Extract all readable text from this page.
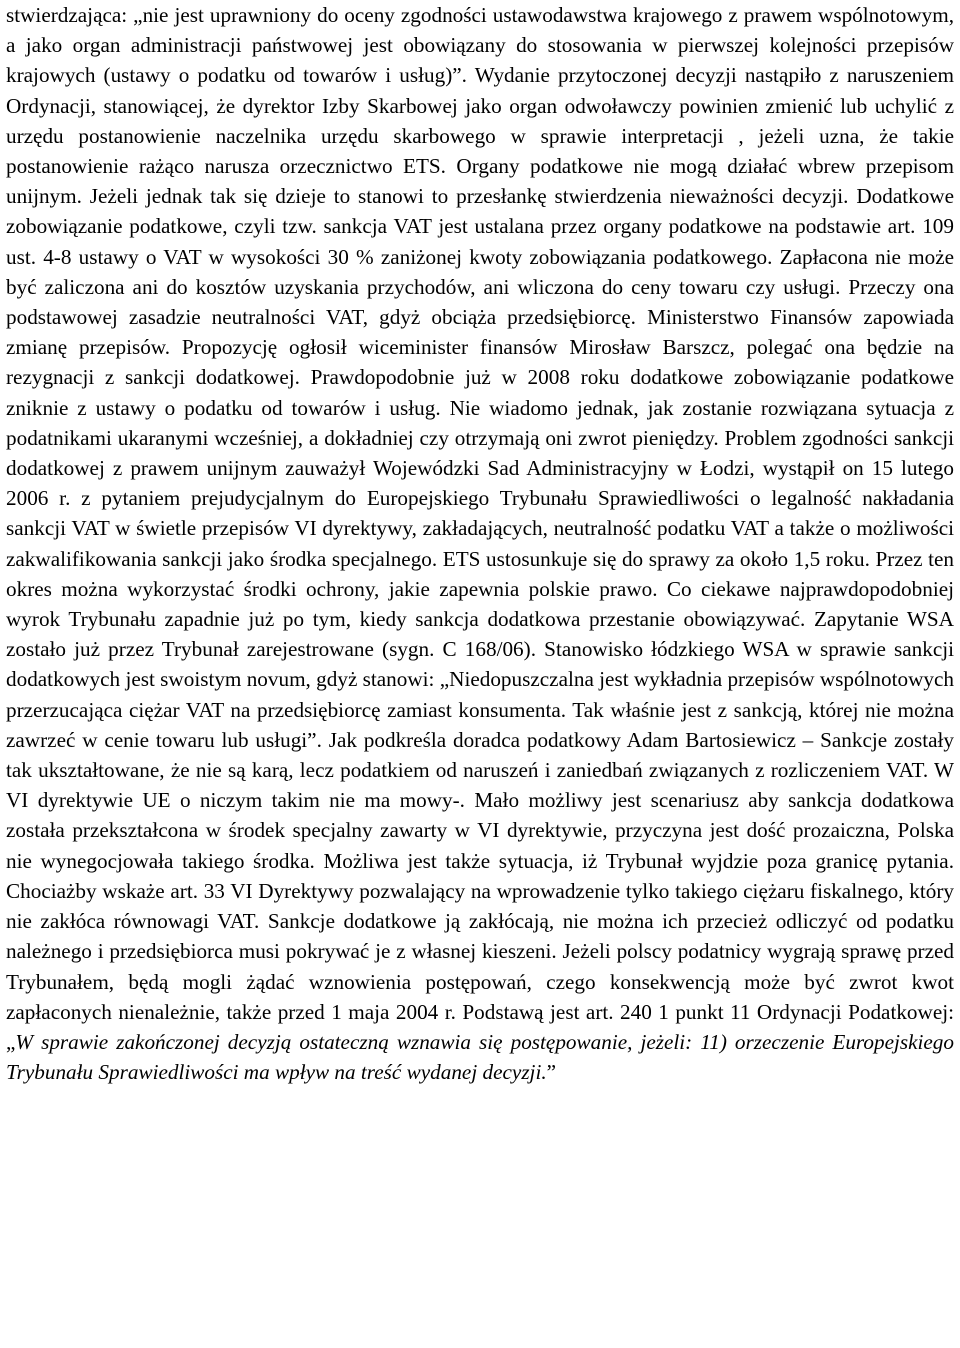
stwierdzająca: „nie jest uprawniony do oceny zgodności ustawodawstwa krajowego z prawem wspólnotowym, a jako organ administracji państwowej jest obowiązany do stosowania w pierwszej kolejności przepisów krajowych (ustawy o podatku od towarów i usług)”. Wydanie przytoczonej decyzji nastąpiło z naruszeniem Ordynacji, stanowiącej, że dyrektor Izby Skarbowej jako organ odwoławczy powinien zmienić lub uchylić z urzędu postanowienie naczelnika urzędu skarbowego w sprawie interpretacji , jeżeli uzna, że takie postanowienie rażąco narusza orzecznictwo ETS. Organy podatkowe nie mogą działać wbrew przepisom unijnym. Jeżeli jednak tak się dzieje to stanowi to przesłankę stwierdzenia nieważności decyzji. Dodatkowe zobowiązanie podatkowe, czyli tzw. sankcja VAT jest ustalana przez organy podatkowe na podstawie art. 109 ust. 4-8 ustawy o VAT w wysokości 30 % zaniżonej kwoty zobowiązania podatkowego. Zapłacona nie może być zaliczona ani do kosztów uzyskania przychodów, ani wliczona do ceny towaru czy usługi. Przeczy ona podstawowej zasadzie neutralności VAT, gdyż obciąża przedsiębiorcę. Ministerstwo Finansów zapowiada zmianę przepisów. Propozycję ogłosił wiceminister finansów Mirosław Barszcz, polegać ona będzie na rezygnacji z sankcji dodatkowej. Prawdopodobnie już w 2008 roku dodatkowe zobowiązanie podatkowe zniknie z ustawy o podatku od towarów i usług. Nie wiadomo jednak, jak zostanie rozwiązana sytuacja z podatnikami ukaranymi wcześniej, a dokładniej czy otrzymają oni zwrot pieniędzy. Problem zgodności sankcji dodatkowej z prawem unijnym zauważył Wojewódzki Sad Administracyjny w Łodzi, wystąpił on 15 lutego 2006 r. z pytaniem prejudycjalnym do Europejskiego Trybunału Sprawiedliwości o legalność nakładania sankcji VAT w świetle przepisów VI dyrektywy, zakładających, neutralność podatku VAT a także o możliwości zakwalifikowania sankcji jako środka specjalnego. ETS ustosunkuje się do sprawy za około 1,5 roku. Przez ten okres można wykorzystać środki ochrony, jakie zapewnia polskie prawo. Co ciekawe najprawdopodobniej wyrok Trybunału zapadnie już po tym, kiedy sankcja dodatkowa przestanie obowiązywać. Zapytanie WSA zostało już przez Trybunał zarejestrowane (sygn. C 168/06). Stanowisko łódzkiego WSA w sprawie sankcji dodatkowych jest swoistym novum, gdyż stanowi: „Niedopuszczalna jest wykładnia przepisów wspólnotowych przerzucająca ciężar VAT na przedsiębiorcę zamiast konsumenta. Tak właśnie jest z sankcją, której nie można zawrzeć w cenie towaru lub usługi”. Jak podkreśla doradca podatkowy Adam Bartosiewicz – Sankcje zostały tak ukształtowane, że nie są karą, lecz podatkiem od naruszeń i zaniedbań związanych z rozliczeniem VAT. W VI dyrektywie UE o niczym takim nie ma mowy-. Mało możliwy jest scenariusz aby sankcja dodatkowa została przekształcona w środek specjalny zawarty w VI dyrektywie, przyczyna jest dość prozaiczna, Polska nie wynegocjowała takiego środka. Możliwa jest także sytuacja, iż Trybunał wyjdzie poza granicę pytania. Chociażby wskaże art. 33 VI Dyrektywy pozwalający na wprowadzenie tylko takiego ciężaru fiskalnego, który nie zakłóca równowagi VAT. Sankcje dodatkowe ją zakłócają, nie można ich przecież odliczyć od podatku należnego i przedsiębiorca musi pokrywać je z własnej kieszeni. Jeżeli polscy podatnicy wygrają sprawę przed Trybunałem, będą mogli żądać wznowienia postępowań, czego konsekwencją może być zwrot kwot zapłaconych nienależnie, także przed 1 maja 2004 r. Podstawą jest art. 240 1 punkt 11 Ordynacji Podatkowej: „W sprawie zakończonej decyzją ostateczną wznawia się postępowanie, jeżeli: 11) orzeczenie Europejskiego Trybunału Sprawiedliwości ma wpływ na treść wydanej decyzji.”
